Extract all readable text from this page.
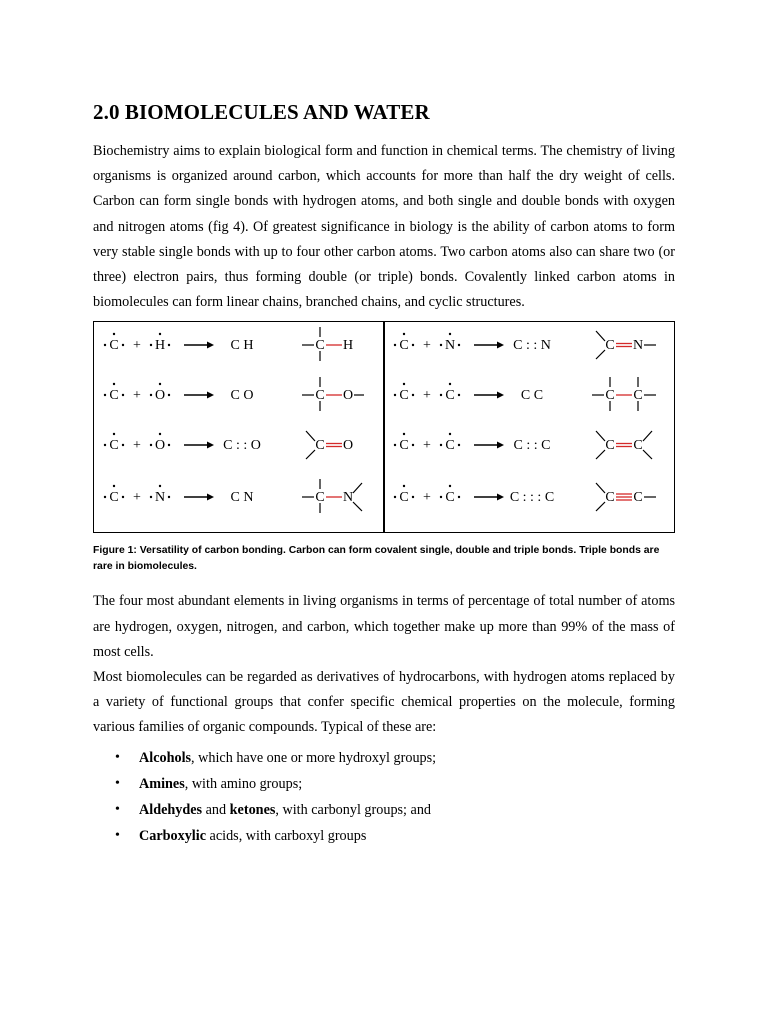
2.0 BIOMOLECULES AND WATER

Biochemistry aims to explain biological form and function in chemical terms. The chemistry of living organisms is organized around carbon, which accounts for more than half the dry weight of cells. Carbon can form single bonds with hydrogen atoms, and both single and double bonds with oxygen and nitrogen atoms (fig 4). Of greatest significance in biology is the ability of carbon atoms to form very stable single bonds with up to four other carbon atoms. Two carbon atoms also can share two (or three) electron pairs, thus forming double (or triple) bonds. Covalently linked carbon atoms in biomolecules can form linear chains, branched chains, and cyclic structures.

C + H	C H	C H
C + O	C O	C O
C + O	C : : O	C O
C + N	C N	C N
C + N	C : : N	C N
C + C	C C	C C
C + C	C : : C	C C
C + C	C : : : C	C C
Figure 1: Versatility of carbon bonding. Carbon can form covalent single, double and triple bonds. Triple bonds are rare in biomolecules.

The four most abundant elements in living organisms in terms of percentage of total number of atoms are hydrogen, oxygen, nitrogen, and carbon, which together make up more than 99% of the mass of most cells.

Most biomolecules can be regarded as derivatives of hydrocarbons, with hydrogen atoms replaced by a variety of functional groups that confer specific chemical properties on the molecule, forming various families of organic compounds. Typical of these are:

• Alcohols, which have one or more hydroxyl groups;
• Amines, with amino groups;
• Aldehydes and ketones, with carbonyl groups; and
• Carboxylic acids, with carboxyl groups
